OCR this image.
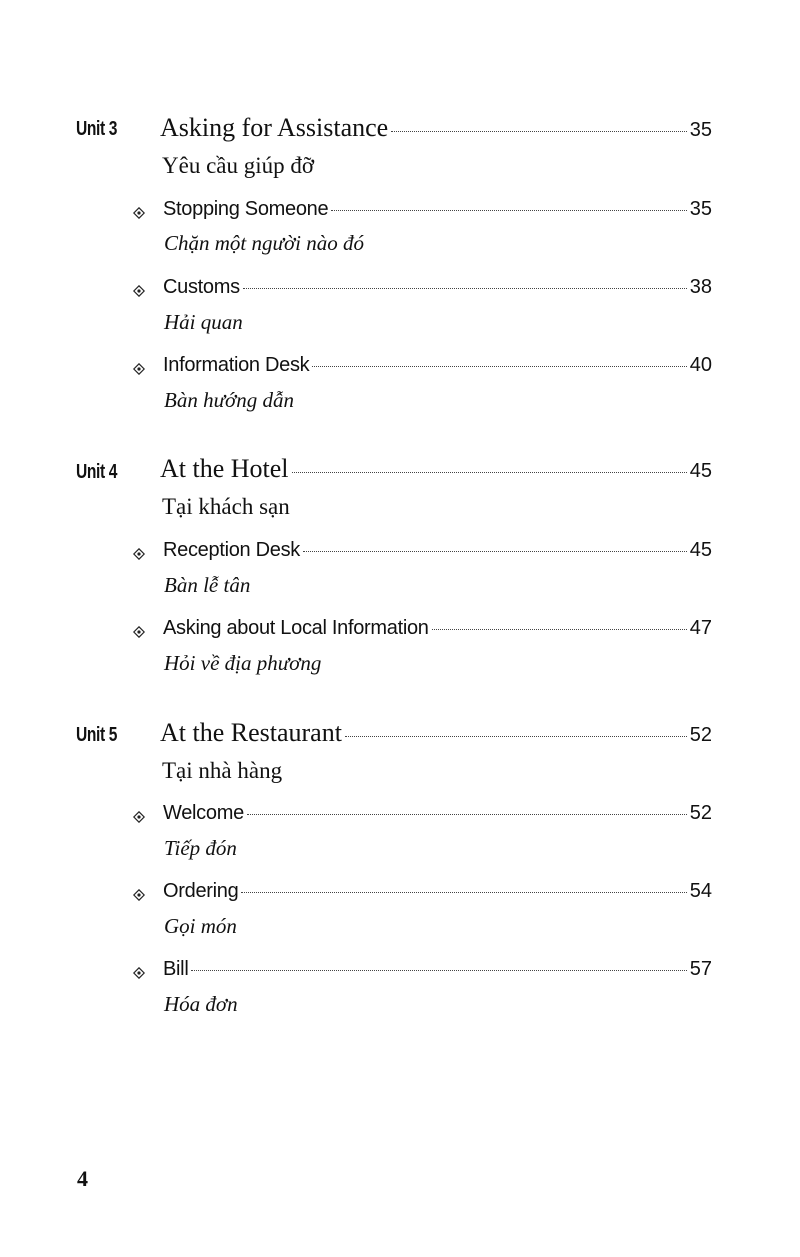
Unit 3 Asking for Assistance	35
Yêu cầu giúp đỡ
Stopping Someone	35
Chặn một người nào đó
Customs	38
Hải quan
Information Desk	40
Bàn hướng dẫn
Unit 4 At the Hotel	45
Tại khách sạn
Reception Desk	45
Bàn lễ tân
Asking about Local Information	47
Hỏi về địa phương
Unit 5 At the Restaurant	52
Tại nhà hàng
Welcome	52
Tiếp đón
Ordering	54
Gọi món
Bill	57
Hóa đơn
4
